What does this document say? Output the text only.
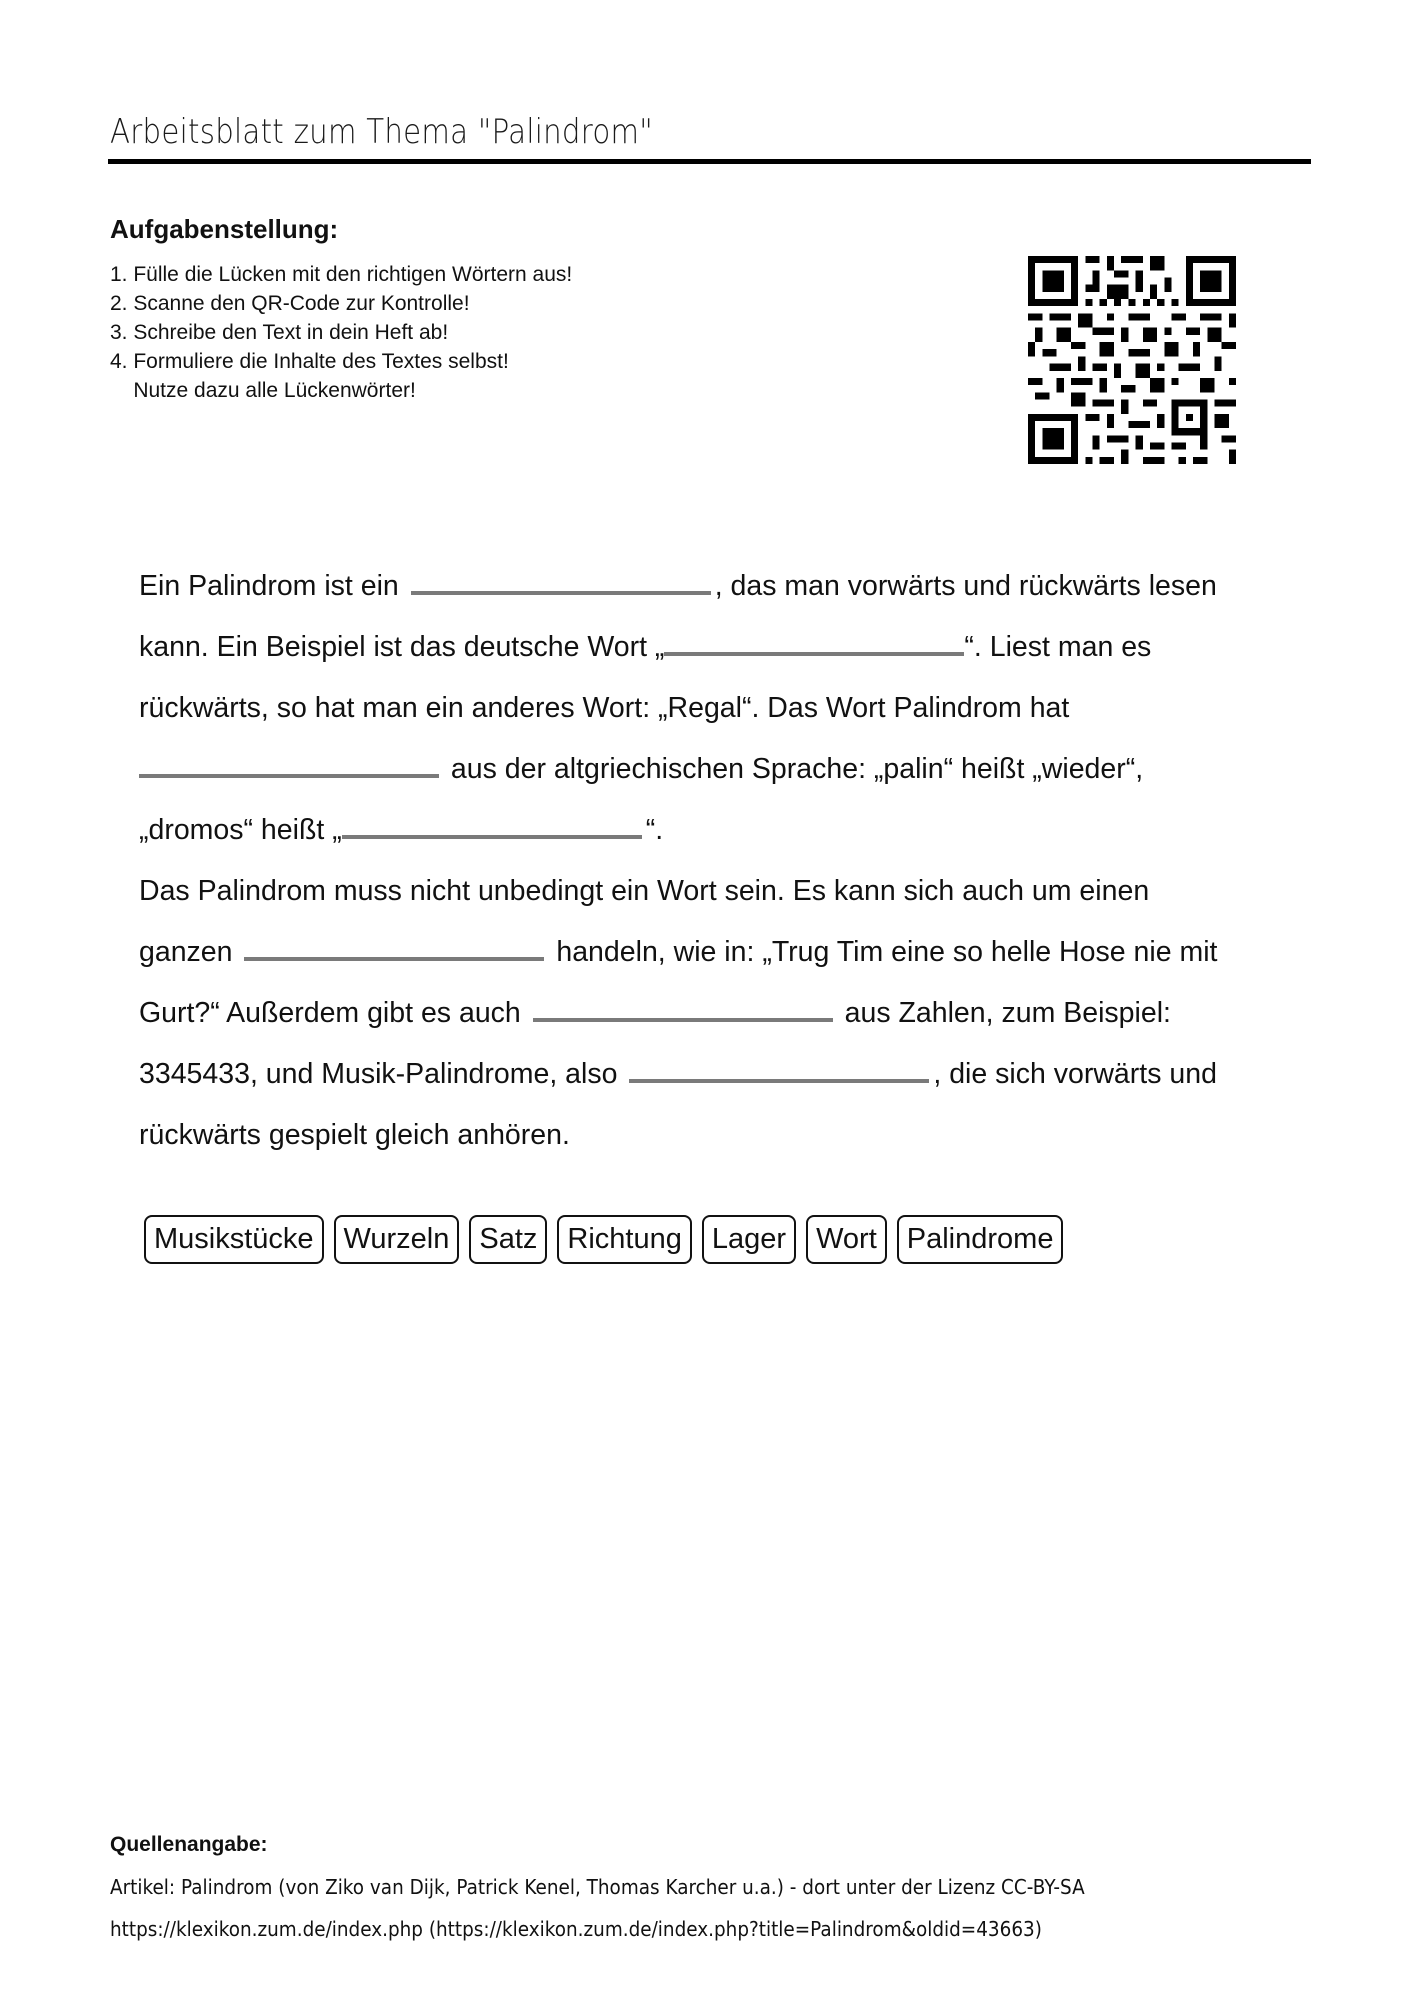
Arbeitsblatt zum Thema "Palindrom"
Aufgabenstellung:
1. Fülle die Lücken mit den richtigen Wörtern aus!
2. Scanne den QR-Code zur Kontrolle!
3. Schreibe den Text in dein Heft ab!
4. Formuliere die Inhalte des Textes selbst!
Nutze dazu alle Lückenwörter!
Ein Palindrom ist ein	, das man vorwärts und rückwärts lesen
kann. Ein Beispiel ist das deutsche Wort „	“. Liest man es
rückwärts, so hat man ein anderes Wort: „Regal“. Das Wort Palindrom hat
aus der altgriechischen Sprache: „palin“ heißt „wieder“,
„dromos“ heißt „	“.
Das Palindrom muss nicht unbedingt ein Wort sein. Es kann sich auch um einen
ganzen	handeln, wie in: „Trug Tim eine so helle Hose nie mit
Gurt?“ Außerdem gibt es auch	aus Zahlen, zum Beispiel:
3345433, und Musik-Palindrome, also	, die sich vorwärts und
rückwärts gespielt gleich anhören.
Musikstücke	Wurzeln	Satz	Richtung	Lager	Wort	Palindrome
Quellenangabe:
Artikel: Palindrom (von Ziko van Dijk, Patrick Kenel, Thomas Karcher u.a.) - dort unter der Lizenz CC-BY-SA
https://klexikon.zum.de/index.php (https://klexikon.zum.de/index.php?title=Palindrom&oldid=43663)
